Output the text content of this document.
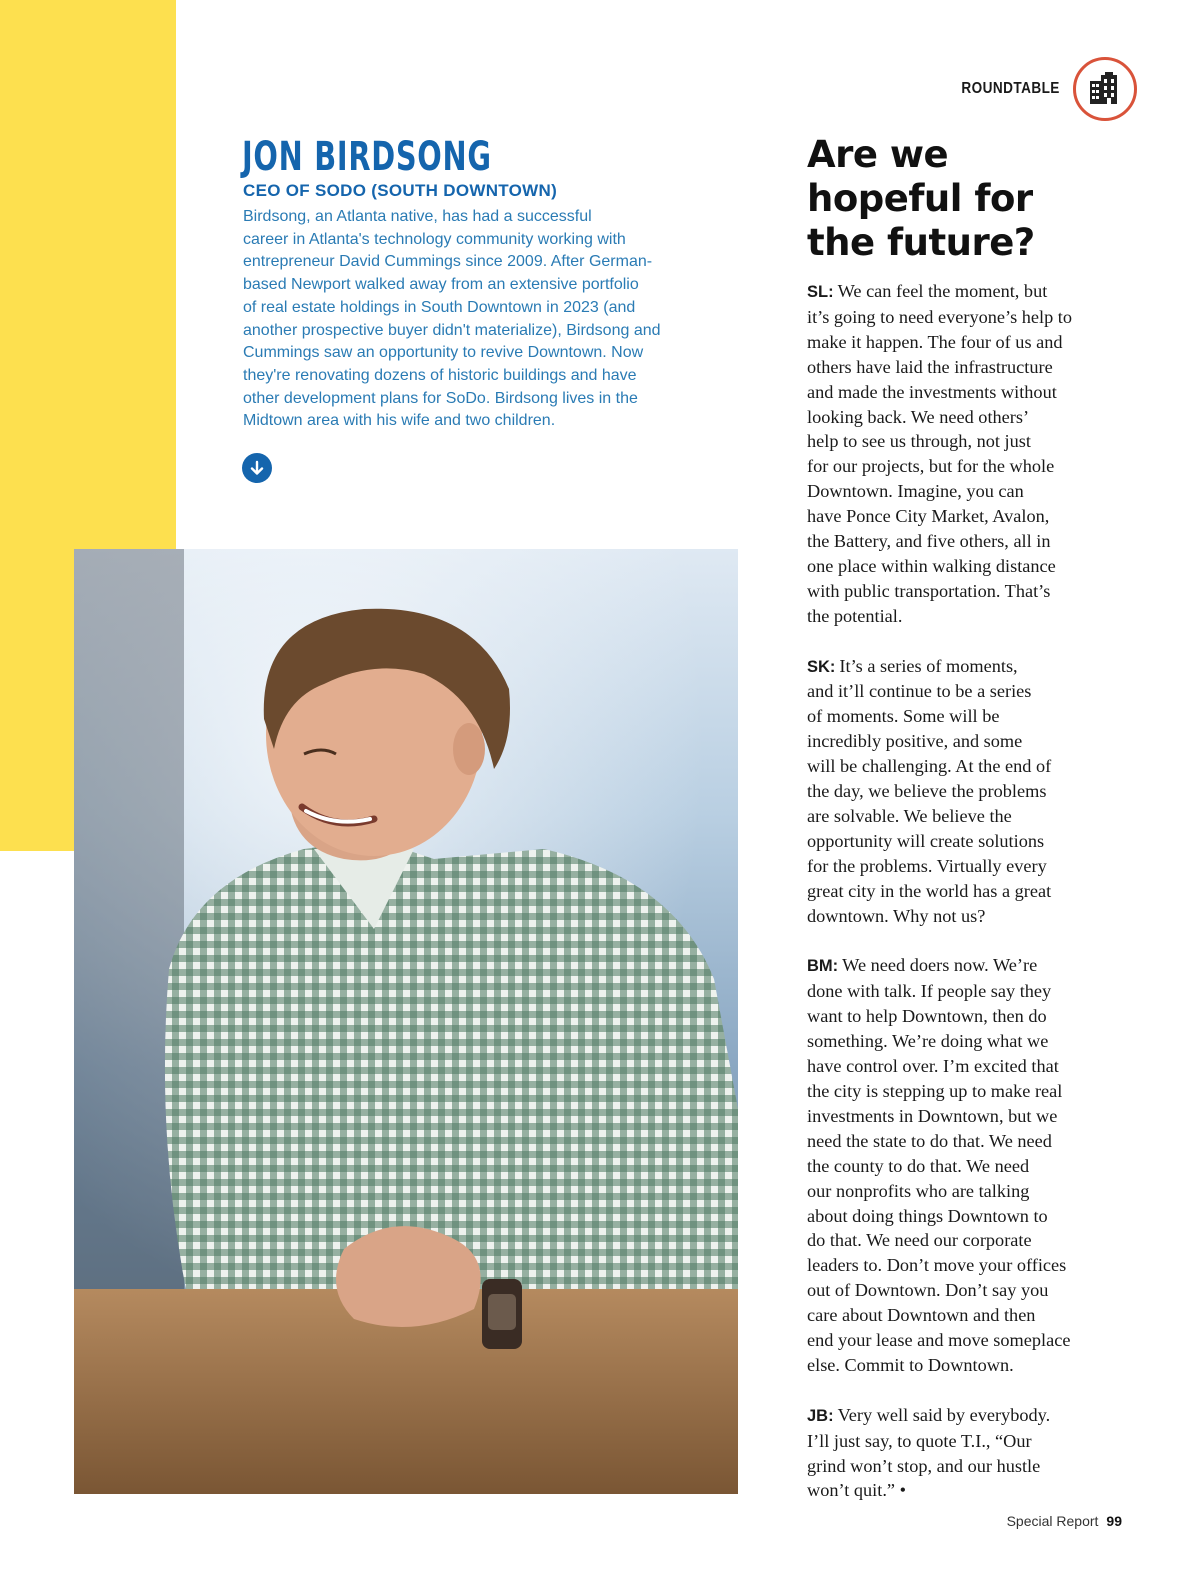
ROUNDTABLE
JON BIRDSONG
CEO OF SODO (SOUTH DOWNTOWN)
Birdsong, an Atlanta native, has had a successful
career in Atlanta's technology community working with
entrepreneur David Cummings since 2009. After German-
based Newport walked away from an extensive portfolio
of real estate holdings in South Downtown in 2023 (and
another prospective buyer didn't materialize), Birdsong and
Cummings saw an opportunity to revive Downtown. Now
they're renovating dozens of historic buildings and have
other development plans for SoDo. Birdsong lives in the
Midtown area with his wife and two children.
Are we
hopeful for
the future?

SL: We can feel the moment, but
it’s going to need everyone’s help to
make it happen. The four of us and
others have laid the infrastructure
and made the investments without
looking back. We need others’
help to see us through, not just
for our projects, but for the whole
Downtown. Imagine, you can
have Ponce City Market, Avalon,
the Battery, and five others, all in
one place within walking distance
with public transportation. That’s
the potential.

SK: It’s a series of moments,
and it’ll continue to be a series
of moments. Some will be
incredibly positive, and some
will be challenging. At the end of
the day, we believe the problems
are solvable. We believe the
opportunity will create solutions
for the problems. Virtually every
great city in the world has a great
downtown. Why not us?

BM: We need doers now. We’re
done with talk. If people say they
want to help Downtown, then do
something. We’re doing what we
have control over. I’m excited that
the city is stepping up to make real
investments in Downtown, but we
need the state to do that. We need
the county to do that. We need
our nonprofits who are talking
about doing things Downtown to
do that. We need our corporate
leaders to. Don’t move your offices
out of Downtown. Don’t say you
care about Downtown and then
end your lease and move someplace
else. Commit to Downtown.

JB: Very well said by everybody.
I’ll just say, to quote T.I., “Our
grind won’t stop, and our hustle
won’t quit.” •

Special Report 99
